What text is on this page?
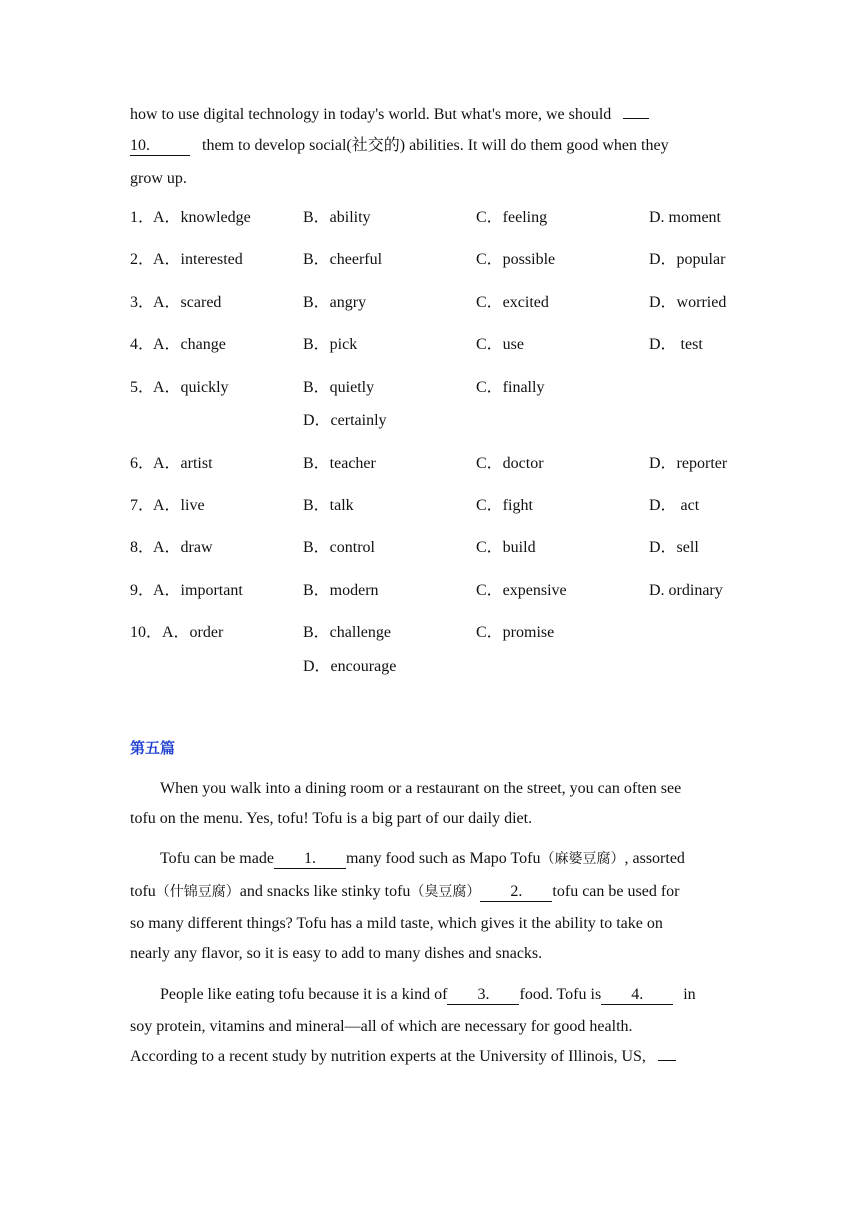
how to use digital technology in today's world. But what's more, we should
10.	them to develop social(社交的) abilities. It will do them good when they
grow up.
1．
A．knowledge	B．ability	C．feeling	D. moment
2．
A．interested	B．cheerful	C．possible	D．popular
3．
A．scared	B．angry	C．excited	D．worried
4．
A．change	B．pick	C．use	D． test
5．
A．quickly	B．quietly	C．finally
D．certainly
6．
A．artist	B．teacher	C．doctor	D．reporter
7．
A．live	B．talk	C．fight	D． act
8．
A．draw	B．control	C．build	D．sell
9．
A．important	B．modern	C．expensive	D. ordinary
10． A．order	B．challenge	C．promise
D．encourage
第五篇
When you walk into a dining room or a restaurant on the street, you can often see
tofu on the menu. Yes, tofu! Tofu is a big part of our daily diet.
Tofu can be made 1. many food such as Mapo Tofu（麻婆豆腐）, assorted
tofu（什锦豆腐）and snacks like stinky tofu（臭豆腐） 2. tofu can be used for
so many different things? Tofu has a mild taste, which gives it the ability to take on
nearly any flavor, so it is easy to add to many dishes and snacks.
People like eating tofu because it is a kind of 3. food. Tofu is 4.	in
soy protein, vitamins and mineral—all of which are necessary for good health.
According to a recent study by nutrition experts at the University of Illinois, US,
